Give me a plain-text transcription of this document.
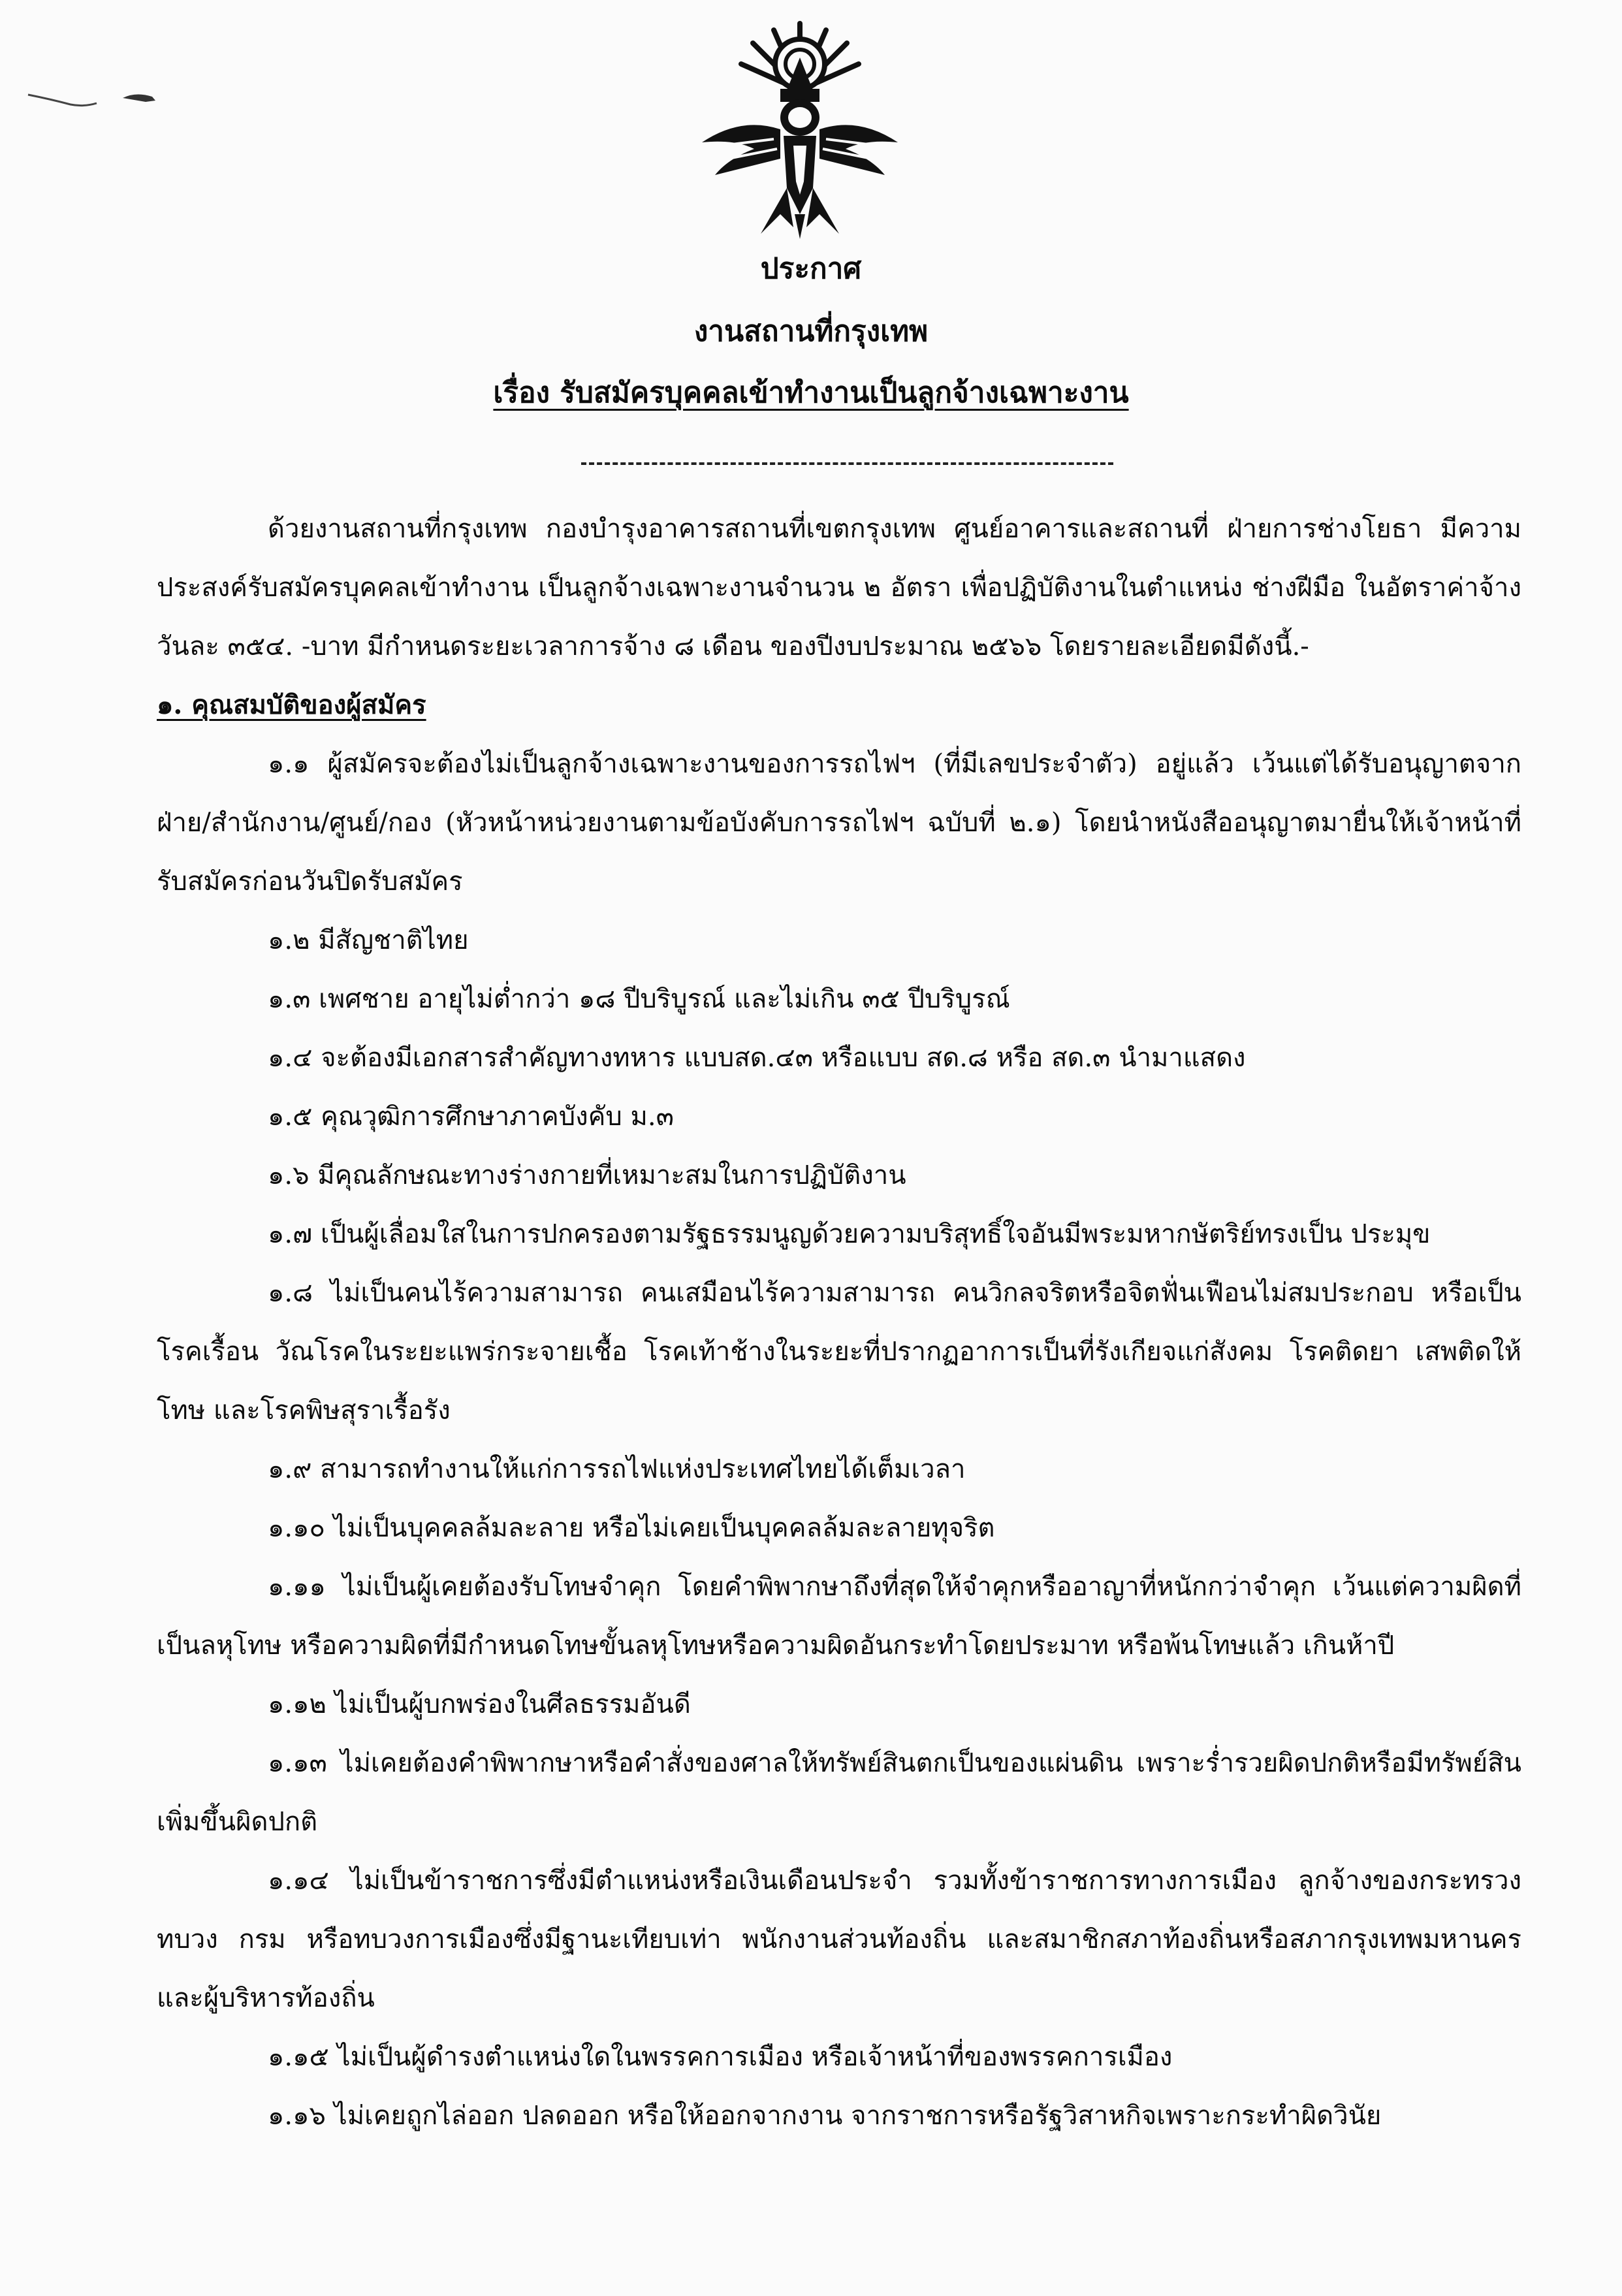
ประกาศ
งานสถานที่กรุงเทพ
เรื่อง รับสมัครบุคคลเข้าทำงานเป็นลูกจ้างเฉพาะงาน

ด้วยงานสถานที่กรุงเทพ กองบำรุงอาคารสถานที่เขตกรุงเทพ ศูนย์อาคารและสถานที่ ฝ่ายการช่างโยธา มีความประสงค์รับสมัครบุคคลเข้าทำงาน เป็นลูกจ้างเฉพาะงานจำนวน ๒ อัตรา เพื่อปฏิบัติงานในตำแหน่ง ช่างฝีมือ ในอัตราค่าจ้างวันละ ๓๕๔. -บาท มีกำหนดระยะเวลาการจ้าง ๘ เดือน ของปีงบประมาณ ๒๕๖๖ โดยรายละเอียดมีดังนี้.-

๑. คุณสมบัติของผู้สมัคร

๑.๑ ผู้สมัครจะต้องไม่เป็นลูกจ้างเฉพาะงานของการรถไฟฯ (ที่มีเลขประจำตัว) อยู่แล้ว เว้นแต่ได้รับอนุญาตจาก ฝ่าย/สำนักงาน/ศูนย์/กอง (หัวหน้าหน่วยงานตามข้อบังคับการรถไฟฯ ฉบับที่ ๒.๑) โดยนำหนังสืออนุญาตมายื่นให้เจ้าหน้าที่รับสมัครก่อนวันปิดรับสมัคร

๑.๒ มีสัญชาติไทย

๑.๓ เพศชาย อายุไม่ต่ำกว่า ๑๘ ปีบริบูรณ์ และไม่เกิน ๓๕ ปีบริบูรณ์

๑.๔ จะต้องมีเอกสารสำคัญทางทหาร แบบสด.๔๓ หรือแบบ สด.๘ หรือ สด.๓ นำมาแสดง

๑.๕ คุณวุฒิการศึกษาภาคบังคับ ม.๓

๑.๖ มีคุณลักษณะทางร่างกายที่เหมาะสมในการปฏิบัติงาน

๑.๗ เป็นผู้เลื่อมใสในการปกครองตามรัฐธรรมนูญด้วยความบริสุทธิ์ใจอันมีพระมหากษัตริย์ทรงเป็น ประมุข

๑.๘ ไม่เป็นคนไร้ความสามารถ คนเสมือนไร้ความสามารถ คนวิกลจริตหรือจิตฟั่นเฟือนไม่สมประกอบ หรือเป็นโรคเรื้อน วัณโรคในระยะแพร่กระจายเชื้อ โรคเท้าช้างในระยะที่ปรากฏอาการเป็นที่รังเกียจแก่สังคม โรคติดยา เสพติดให้โทษ และโรคพิษสุราเรื้อรัง

๑.๙ สามารถทำงานให้แก่การรถไฟแห่งประเทศไทยได้เต็มเวลา

๑.๑๐ ไม่เป็นบุคคลล้มละลาย หรือไม่เคยเป็นบุคคลล้มละลายทุจริต

๑.๑๑ ไม่เป็นผู้เคยต้องรับโทษจำคุก โดยคำพิพากษาถึงที่สุดให้จำคุกหรืออาญาที่หนักกว่าจำคุก เว้นแต่ความผิดที่เป็นลหุโทษ หรือความผิดที่มีกำหนดโทษขั้นลหุโทษหรือความผิดอันกระทำโดยประมาท หรือพ้นโทษแล้ว เกินห้าปี

๑.๑๒ ไม่เป็นผู้บกพร่องในศีลธรรมอันดี

๑.๑๓ ไม่เคยต้องคำพิพากษาหรือคำสั่งของศาลให้ทรัพย์สินตกเป็นของแผ่นดิน เพราะร่ำรวยผิดปกติหรือมีทรัพย์สินเพิ่มขึ้นผิดปกติ

๑.๑๔ ไม่เป็นข้าราชการซึ่งมีตำแหน่งหรือเงินเดือนประจำ รวมทั้งข้าราชการทางการเมือง ลูกจ้างของกระทรวง ทบวง กรม หรือทบวงการเมืองซึ่งมีฐานะเทียบเท่า พนักงานส่วนท้องถิ่น และสมาชิกสภาท้องถิ่นหรือสภากรุงเทพมหานคร และผู้บริหารท้องถิ่น

๑.๑๕ ไม่เป็นผู้ดำรงตำแหน่งใดในพรรคการเมือง หรือเจ้าหน้าที่ของพรรคการเมือง

๑.๑๖ ไม่เคยถูกไล่ออก ปลดออก หรือให้ออกจากงาน จากราชการหรือรัฐวิสาหกิจเพราะกระทำผิดวินัย
